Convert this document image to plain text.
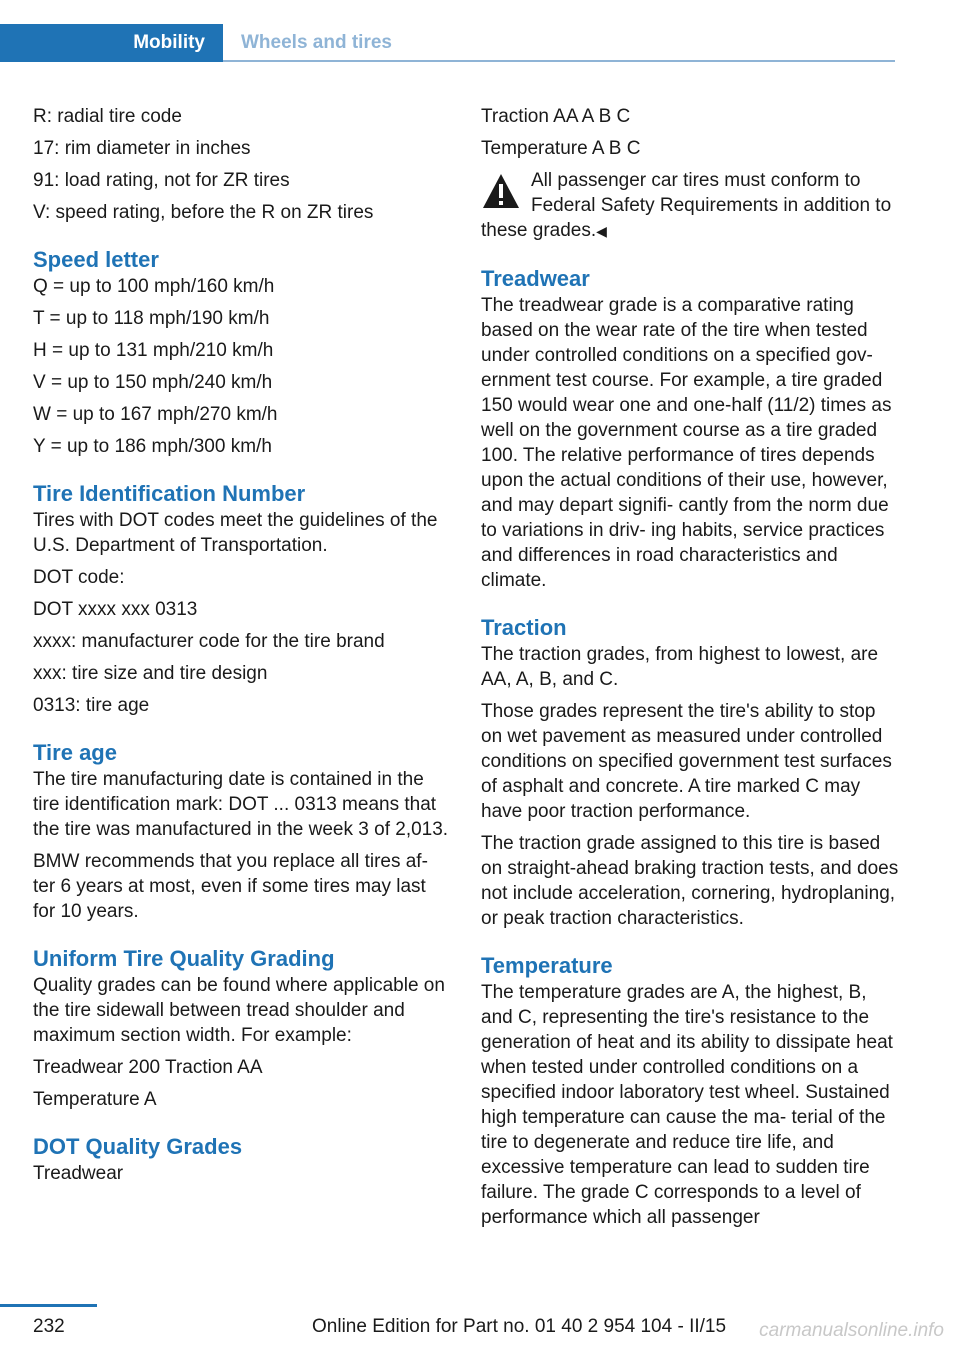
Mobility Wheels and tires

R: radial tire code

17: rim diameter in inches

91: load rating, not for ZR tires

V: speed rating, before the R on ZR tires

Speed letter

Q = up to 100 mph/160 km/h

T = up to 118 mph/190 km/h

H = up to 131 mph/210 km/h

V = up to 150 mph/240 km/h

W = up to 167 mph/270 km/h

Y = up to 186 mph/300 km/h

Tire Identification Number

Tires with DOT codes meet the guidelines of the U.S. Department of Transportation.

DOT code:

DOT xxxx xxx 0313

xxxx: manufacturer code for the tire brand

xxx: tire size and tire design

0313: tire age

Tire age

The tire manufacturing date is contained in the tire identification mark: DOT ... 0313 means that the tire was manufactured in the week 3 of 2,013.

BMW recommends that you replace all tires af‐ ter 6 years at most, even if some tires may last for 10 years.

Uniform Tire Quality Grading

Quality grades can be found where applicable on the tire sidewall between tread shoulder and maximum section width. For example:

Treadwear 200 Traction AA

Temperature A

DOT Quality Grades

Treadwear

Traction AA A B C

Temperature A B C

All passenger car tires must conform to Federal Safety Requirements in addition to these grades.◀

Treadwear

The treadwear grade is a comparative rating based on the wear rate of the tire when tested under controlled conditions on a specified gov‐ ernment test course. For example, a tire graded 150 would wear one and one-half (11/2) times as well on the government course as a tire graded 100. The relative performance of tires depends upon the actual conditions of their use, however, and may depart signifi‐ cantly from the norm due to variations in driv‐ ing habits, service practices and differences in road characteristics and climate.

Traction

The traction grades, from highest to lowest, are AA, A, B, and C.

Those grades represent the tire's ability to stop on wet pavement as measured under controlled conditions on specified government test surfaces of asphalt and concrete. A tire marked C may have poor traction performance.

The traction grade assigned to this tire is based on straight-ahead braking traction tests, and does not include acceleration, cornering, hydroplaning, or peak traction characteristics.

Temperature

The temperature grades are A, the highest, B, and C, representing the tire's resistance to the generation of heat and its ability to dissipate heat when tested under controlled conditions on a specified indoor laboratory test wheel. Sustained high temperature can cause the ma‐ terial of the tire to degenerate and reduce tire life, and excessive temperature can lead to sudden tire failure. The grade C corresponds to a level of performance which all passenger

232	Online Edition for Part no. 01 40 2 954 104 - II/15 carmanualsonline.info
